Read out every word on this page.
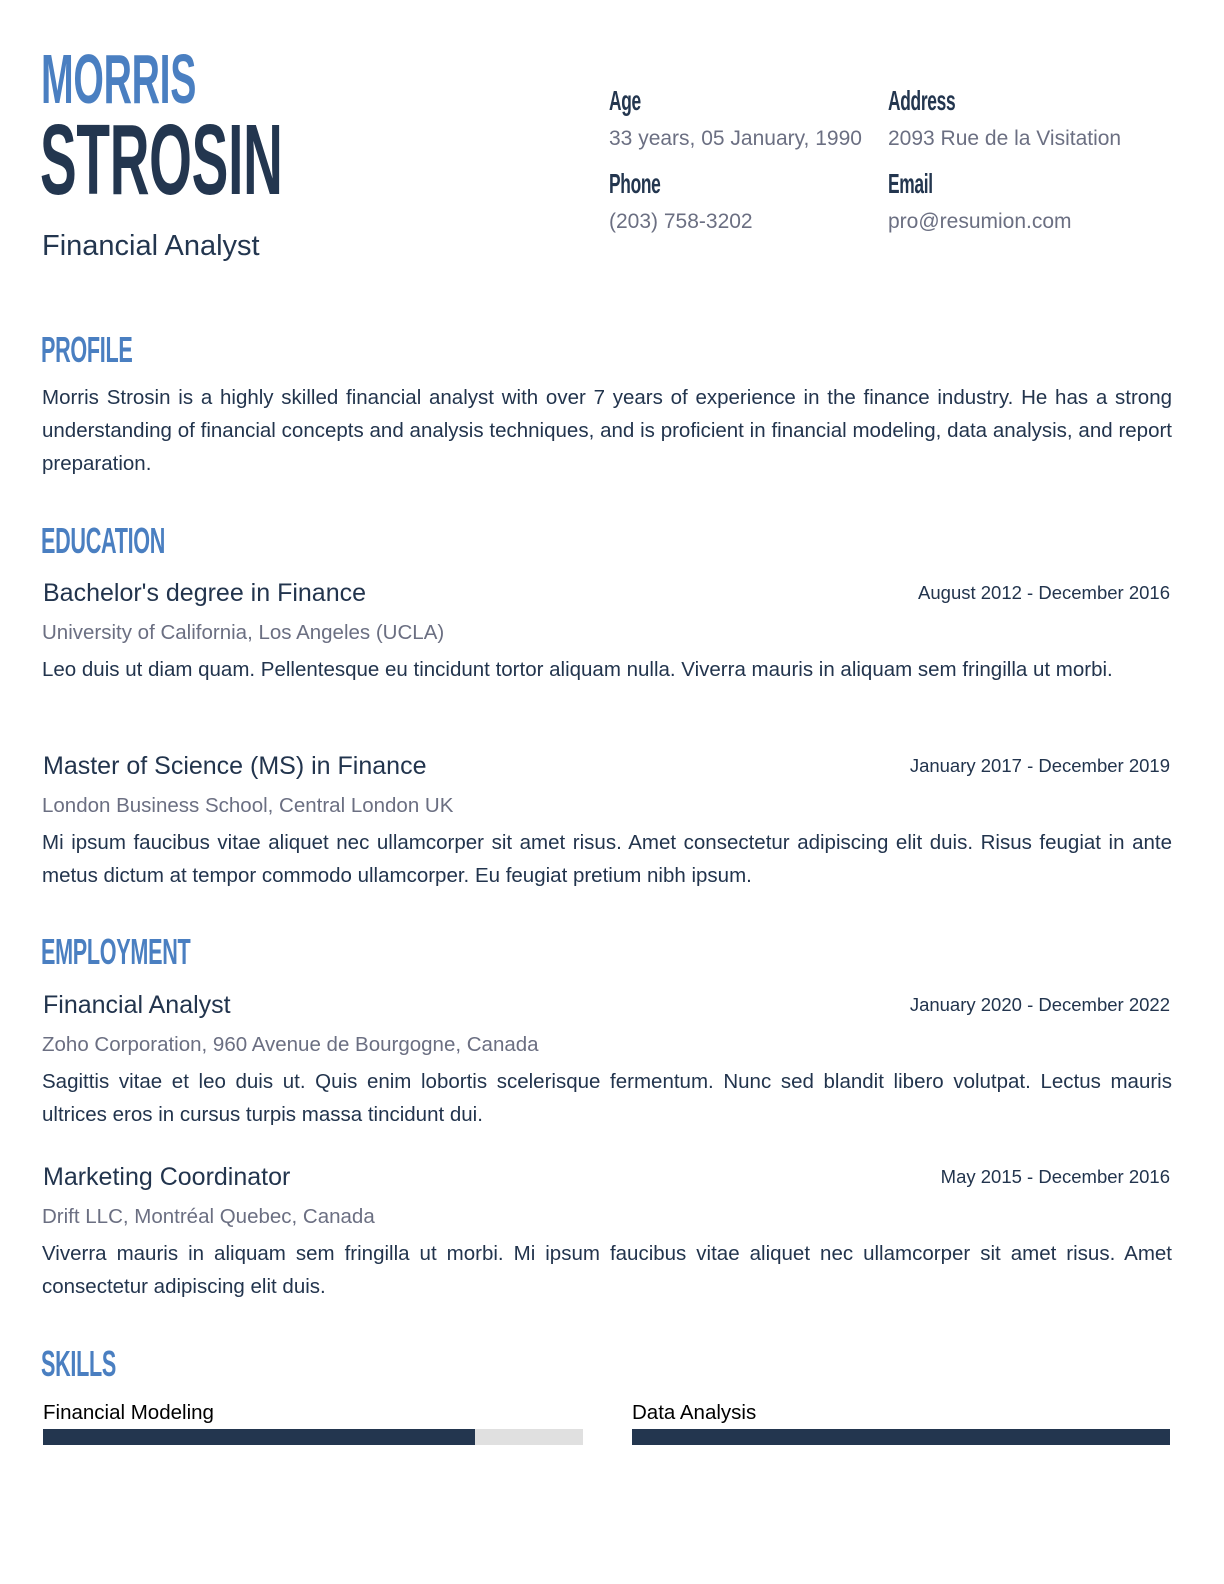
MORRIS
STROSIN
Financial Analyst
Age
33 years, 05 January, 1990
Address
2093 Rue de la Visitation
Phone
(203) 758-3202
Email
pro@resumion.com
PROFILE

Morris Strosin is a highly skilled financial analyst with over 7 years of experience in the finance industry. He has a strong understanding of financial concepts and analysis techniques, and is proficient in financial modeling, data analysis, and report preparation.

EDUCATION
Bachelor's degree in Finance	August 2012 - December 2016
University of California, Los Angeles (UCLA)

Leo duis ut diam quam. Pellentesque eu tincidunt tortor aliquam nulla. Viverra mauris in aliquam sem fringilla ut morbi.

Master of Science (MS) in Finance	January 2017 - December 2019
London Business School, Central London UK

Mi ipsum faucibus vitae aliquet nec ullamcorper sit amet risus. Amet consectetur adipiscing elit duis. Risus feugiat in ante metus dictum at tempor commodo ullamcorper. Eu feugiat pretium nibh ipsum.

EMPLOYMENT
Financial Analyst	January 2020 - December 2022
Zoho Corporation, 960 Avenue de Bourgogne, Canada

Sagittis vitae et leo duis ut. Quis enim lobortis scelerisque fermentum. Nunc sed blandit libero volutpat. Lectus mauris ultrices eros in cursus turpis massa tincidunt dui.

Marketing Coordinator	May 2015 - December 2016
Drift LLC, Montréal Quebec, Canada

Viverra mauris in aliquam sem fringilla ut morbi. Mi ipsum faucibus vitae aliquet nec ullamcorper sit amet risus. Amet consectetur adipiscing elit duis.

SKILLS
Financial Modeling	Data Analysis
